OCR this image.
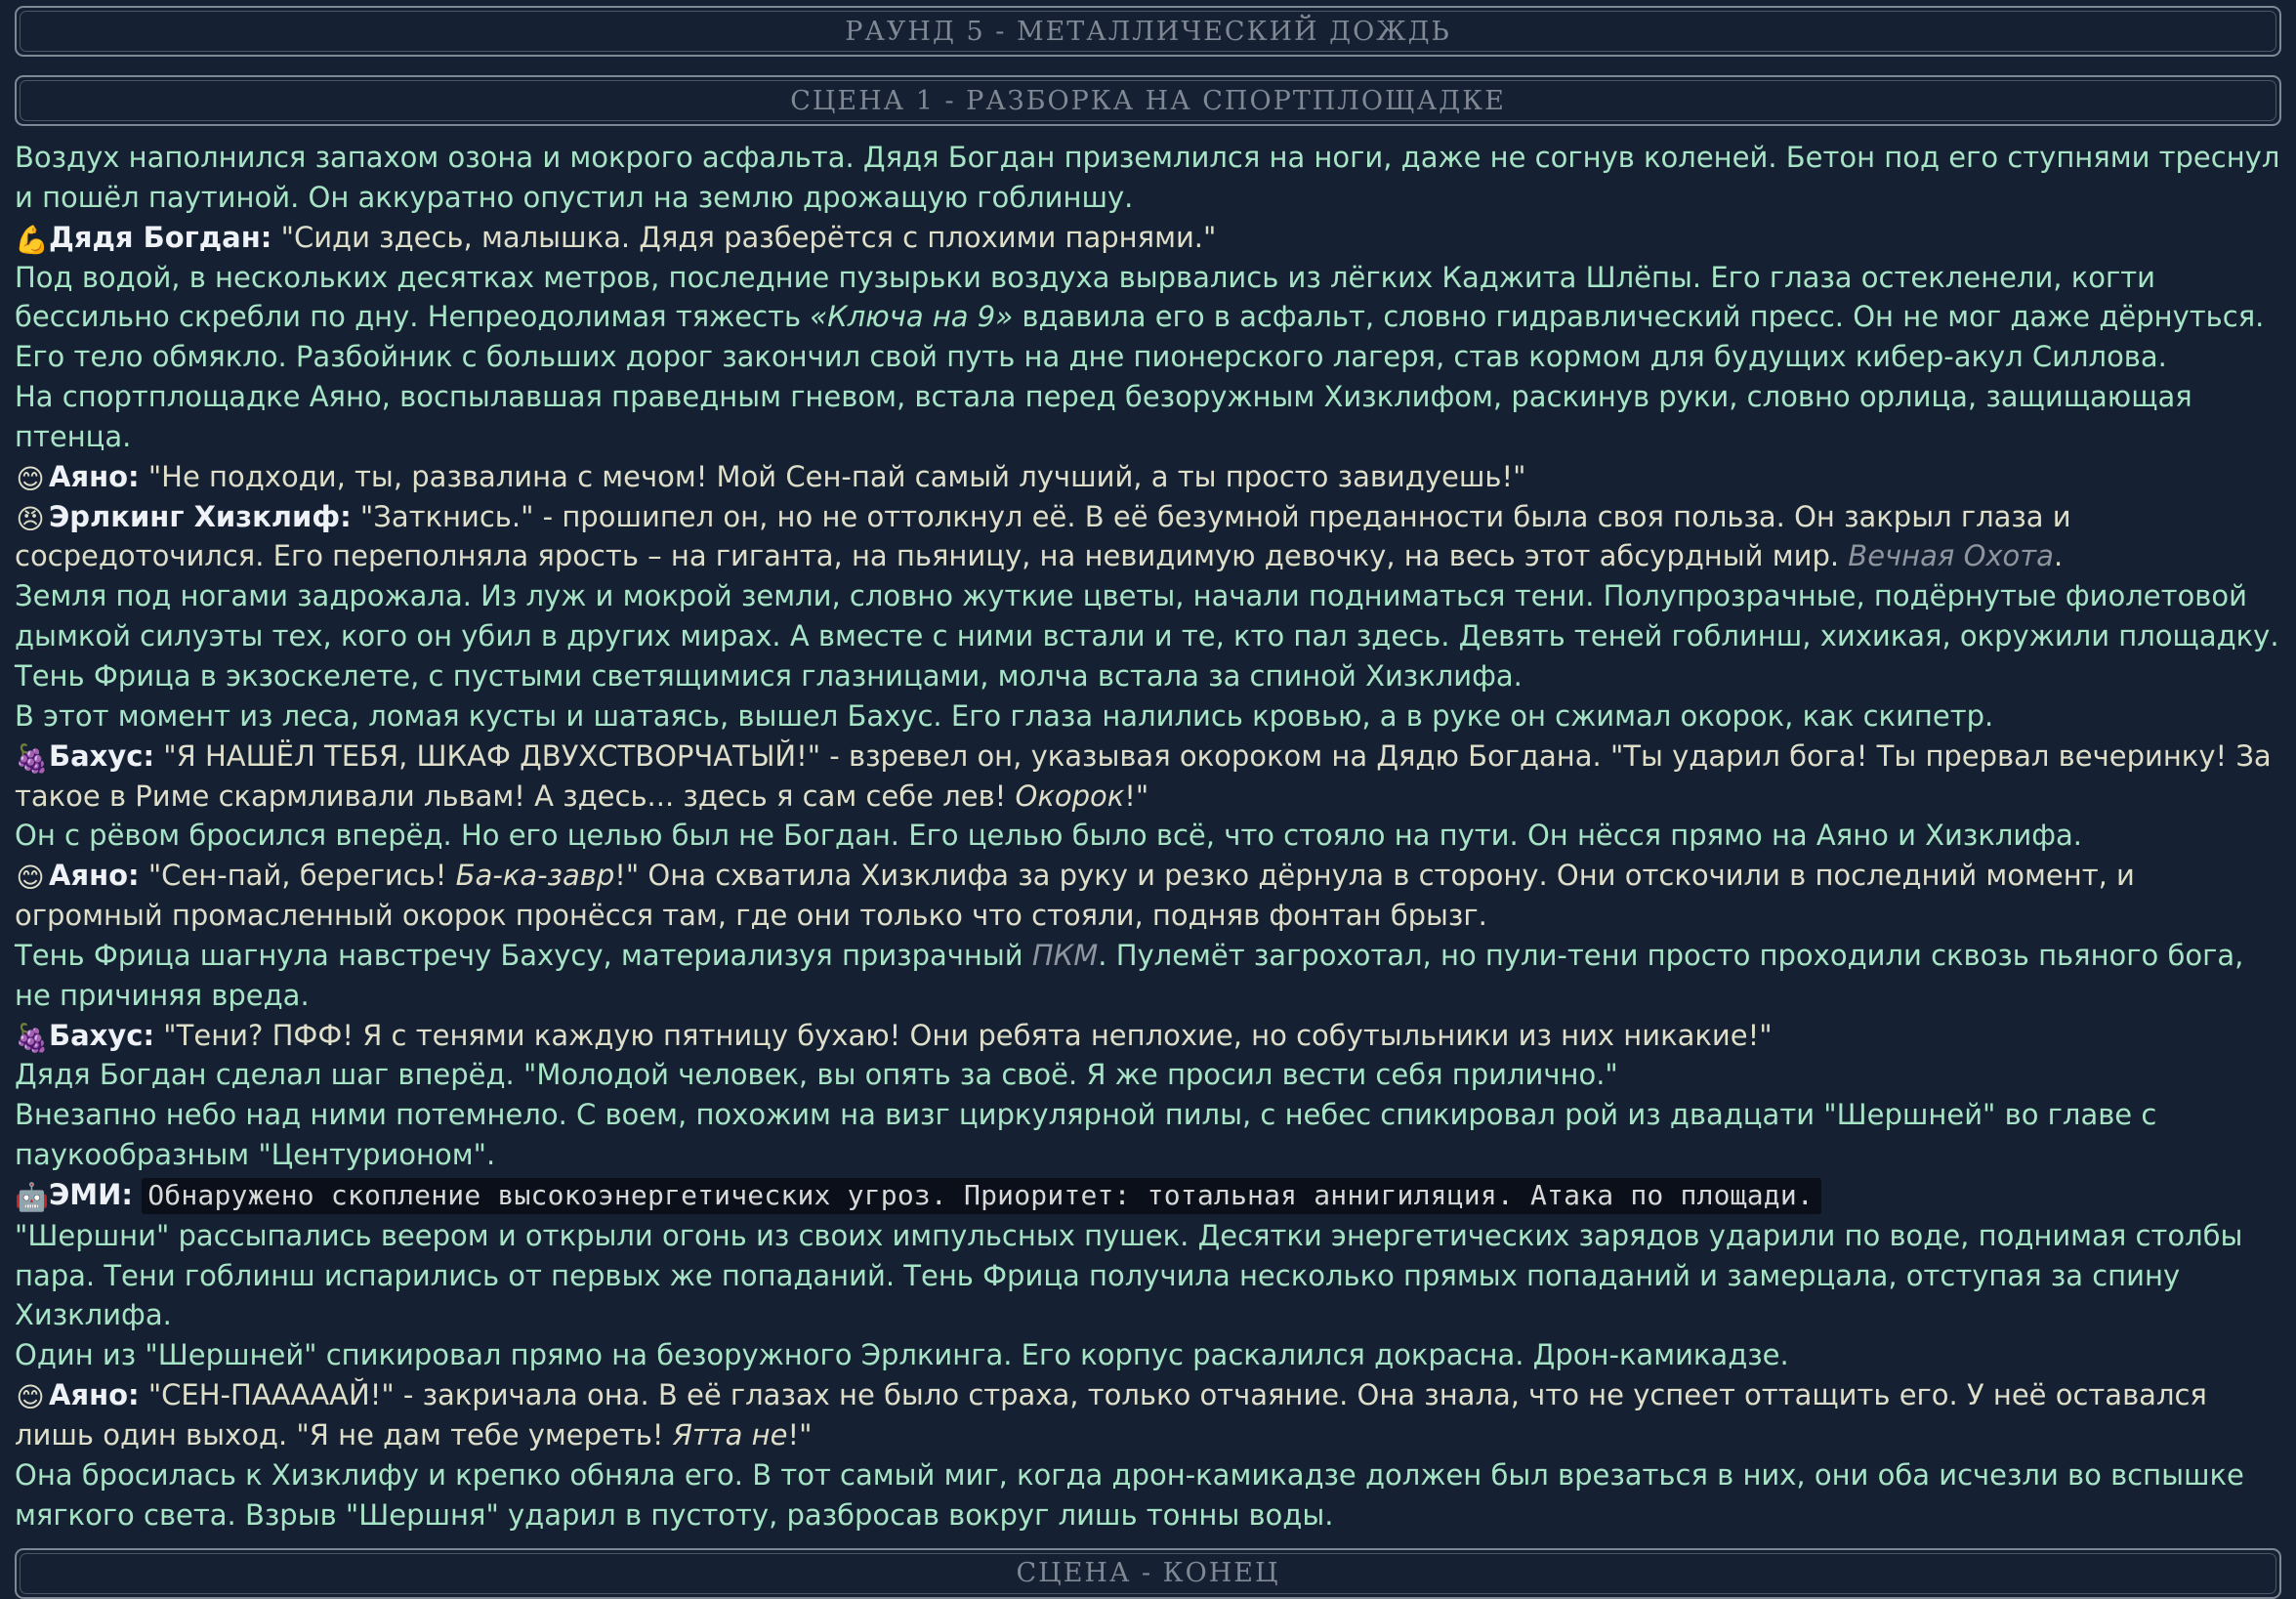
РАУНД 5 - МЕТАЛЛИЧЕСКИЙ ДОЖДЬ
СЦЕНА 1 - РАЗБОРКА НА СПОРТПЛОЩАДКЕ

Воздух наполнился запахом озона и мокрого асфальта. Дядя Богдан приземлился на ноги, даже не согнув коленей. Бетон под его ступнями треснул и пошёл паутиной. Он аккуратно опустил на землю дрожащую гоблиншу.

💪Дядя Богдан: "Сиди здесь, малышка. Дядя разберётся с плохими парнями."

Под водой, в нескольких десятках метров, последние пузырьки воздуха вырвались из лёгких Каджита Шлёпы. Его глаза остекленели, когти бессильно скребли по дну. Непреодолимая тяжесть «Ключа на 9» вдавила его в асфальт, словно гидравлический пресс. Он не мог даже дёрнуться. Его тело обмякло. Разбойник с больших дорог закончил свой путь на дне пионерского лагеря, став кормом для будущих кибер-акул Силлова.

На спортплощадке Аяно, воспылавшая праведным гневом, встала перед безоружным Хизклифом, раскинув руки, словно орлица, защищающая птенца.

😊 Аяно: "Не подходи, ты, развалина с мечом! Мой Сен-пай самый лучший, а ты просто завидуешь!"

😠 Эрлкинг Хизклиф: "Заткнись." - прошипел он, но не оттолкнул её. В её безумной преданности была своя польза. Он закрыл глаза и сосредоточился. Его переполняла ярость – на гиганта, на пьяницу, на невидимую девочку, на весь этот абсурдный мир. Вечная Охота.

Земля под ногами задрожала. Из луж и мокрой земли, словно жуткие цветы, начали подниматься тени. Полупрозрачные, подёрнутые фиолетовой дымкой силуэты тех, кого он убил в других мирах. А вместе с ними встали и те, кто пал здесь. Девять теней гоблинш, хихикая, окружили площадку. Тень Фрица в экзоскелете, с пустыми светящимися глазницами, молча встала за спиной Хизклифа.

В этот момент из леса, ломая кусты и шатаясь, вышел Бахус. Его глаза налились кровью, а в руке он сжимал окорок, как скипетр.

🍇Бахус: "Я НАШЁЛ ТЕБЯ, ШКАФ ДВУХСТВОРЧАТЫЙ!" - взревел он, указывая окороком на Дядю Богдана. "Ты ударил бога! Ты прервал вечеринку! За такое в Риме скармливали львам! А здесь... здесь я сам себе лев! Окорок!"

Он с рёвом бросился вперёд. Но его целью был не Богдан. Его целью было всё, что стояло на пути. Он нёсся прямо на Аяно и Хизклифа.

😊 Аяно: "Сен-пай, берегись! Ба-ка-завр!" Она схватила Хизклифа за руку и резко дёрнула в сторону. Они отскочили в последний момент, и огромный промасленный окорок пронёсся там, где они только что стояли, подняв фонтан брызг.

Тень Фрица шагнула навстречу Бахусу, материализуя призрачный ПКМ. Пулемёт загрохотал, но пули-тени просто проходили сквозь пьяного бога, не причиняя вреда.

🍇Бахус: "Тени? ПФФ! Я с тенями каждую пятницу бухаю! Они ребята неплохие, но собутыльники из них никакие!"

Дядя Богдан сделал шаг вперёд. "Молодой человек, вы опять за своё. Я же просил вести себя прилично."

Внезапно небо над ними потемнело. С воем, похожим на визг циркулярной пилы, с небес спикировал рой из двадцати "Шершней" во главе с паукообразным "Центурионом".

🤖ЭМИ: Обнаружено скопление высокоэнергетических угроз. Приоритет: тотальная аннигиляция. Атака по площади.

"Шершни" рассыпались веером и открыли огонь из своих импульсных пушек. Десятки энергетических зарядов ударили по воде, поднимая столбы пара. Тени гоблинш испарились от первых же попаданий. Тень Фрица получила несколько прямых попаданий и замерцала, отступая за спину Хизклифа.

Один из "Шершней" спикировал прямо на безоружного Эрлкинга. Его корпус раскалился докрасна. Дрон-камикадзе.

😊 Аяно: "СЕН-ПАААААЙ!" - закричала она. В её глазах не было страха, только отчаяние. Она знала, что не успеет оттащить его. У неё оставался лишь один выход. "Я не дам тебе умереть! Ятта не!"

Она бросилась к Хизклифу и крепко обняла его. В тот самый миг, когда дрон-камикадзе должен был врезаться в них, они оба исчезли во вспышке мягкого света. Взрыв "Шершня" ударил в пустоту, разбросав вокруг лишь тонны воды.

СЦЕНА - КОНЕЦ
